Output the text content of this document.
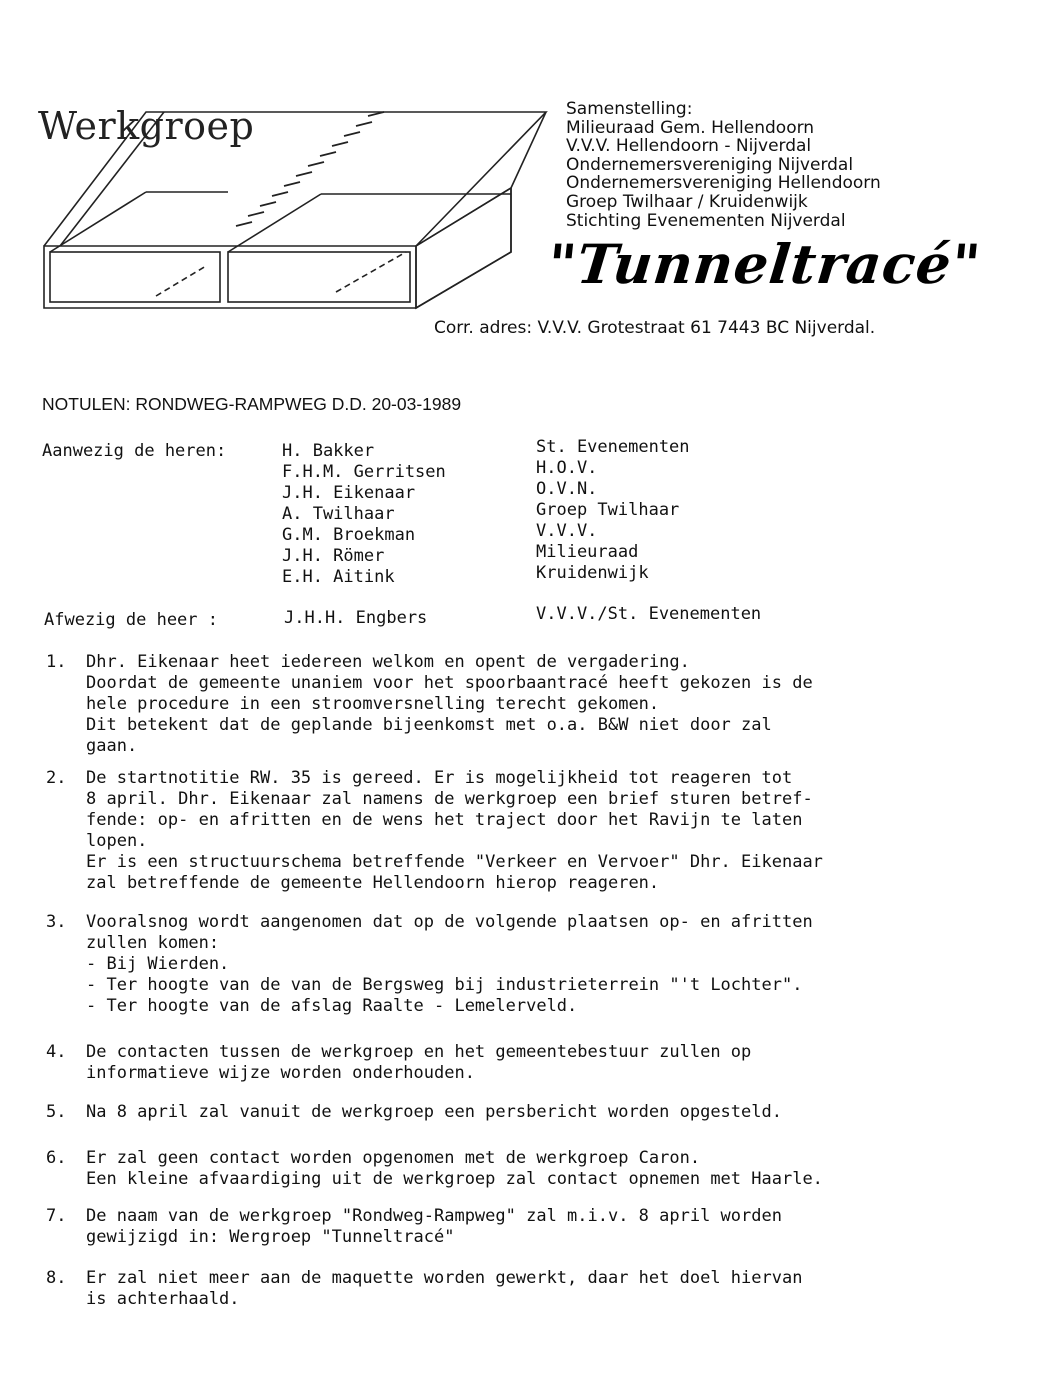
Werkgroep	Samenstelling:
Milieuraad Gem. Hellendoorn
V.V.V. Hellendoorn - Nijverdal
Ondernemersvereniging Nijverdal
Ondernemersvereniging Hellendoorn
Groep Twilhaar / Kruidenwijk
Stichting Evenementen Nijverdal
"Tunneltracé"
Corr. adres: V.V.V. Grotestraat 61 7443 BC Nijverdal.
NOTULEN: RONDWEG-RAMPWEG D.D. 20-03-1989
Aanwezig de heren:	H. Bakker	St. Evenementen
F.H.M. Gerritsen	H.O.V.
J.H. Eikenaar	O.V.N.
A. Twilhaar	Groep Twilhaar
G.M. Broekman	V.V.V.
J.H. Römer	Milieuraad
E.H. Aitink	Kruidenwijk
Afwezig de heer :	J.H.H. Engbers	V.V.V./St. Evenementen
1.	Dhr. Eikenaar heet iedereen welkom en opent de vergadering.
Doordat de gemeente unaniem voor het spoorbaantracé heeft gekozen is de
hele procedure in een stroomversnelling terecht gekomen.
Dit betekent dat de geplande bijeenkomst met o.a. B&W niet door zal
gaan.
2.	De startnotitie RW. 35 is gereed. Er is mogelijkheid tot reageren tot
8 april. Dhr. Eikenaar zal namens de werkgroep een brief sturen betref-
fende: op- en afritten en de wens het traject door het Ravijn te laten
lopen.
Er is een structuurschema betreffende "Verkeer en Vervoer" Dhr. Eikenaar
zal betreffende de gemeente Hellendoorn hierop reageren.
3.	Vooralsnog wordt aangenomen dat op de volgende plaatsen op- en afritten
zullen komen:
- Bij Wierden.
- Ter hoogte van de van de Bergsweg bij industrieterrein "'t Lochter".
- Ter hoogte van de afslag Raalte - Lemelerveld.
4.	De contacten tussen de werkgroep en het gemeentebestuur zullen op
informatieve wijze worden onderhouden.
5.	Na 8 april zal vanuit de werkgroep een persbericht worden opgesteld.
6.	Er zal geen contact worden opgenomen met de werkgroep Caron.
Een kleine afvaardiging uit de werkgroep zal contact opnemen met Haarle.
7.	De naam van de werkgroep "Rondweg-Rampweg" zal m.i.v. 8 april worden
gewijzigd in: Wergroep "Tunneltracé"
8.	Er zal niet meer aan de maquette worden gewerkt, daar het doel hiervan
is achterhaald.
